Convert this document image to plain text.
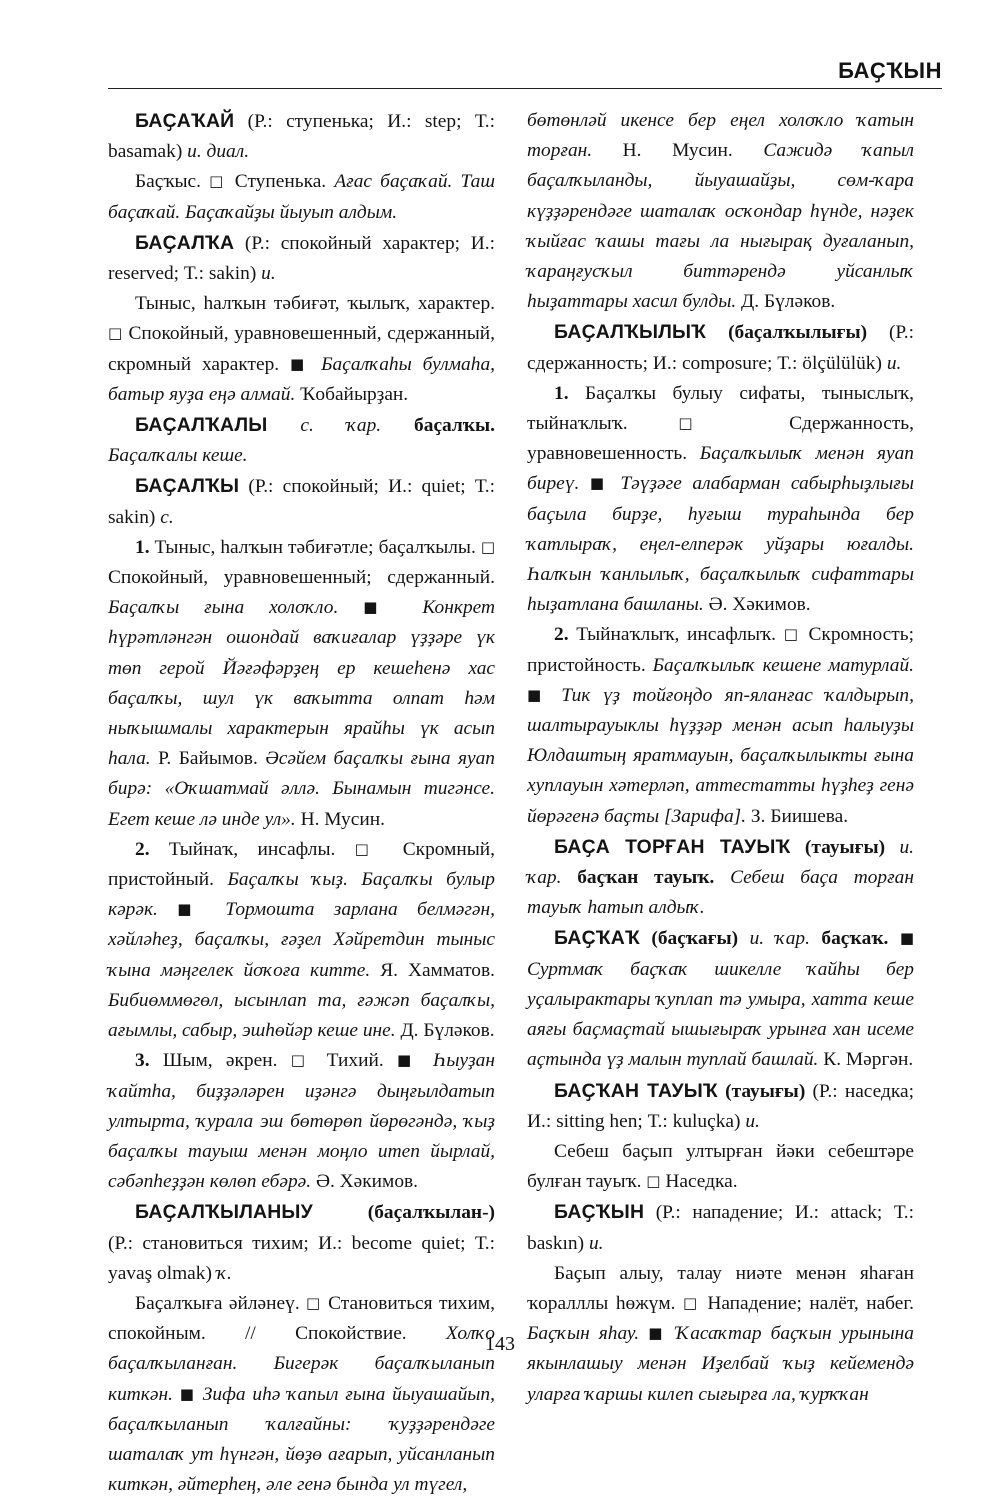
БАҪҠЫН

БАҪАҠАЙ (Р.: ступенька; И.: step; Т.: basamak) и. диал.

Баҫҡыс. □ Ступенька. Ағас баҫаҡай. Таш баҫаҡай. Баҫаҡайҙы йыуып алдым.

БАҪАЛҠА (Р.: спокойный характер; И.: reserved; Т.: sakin) и.

Тыныс, һалҡын тәбиғәт, ҡылыҡ, характер. □ Спокойный, уравновешенный, сдержанный, скромный характер. ■ Баҫалҡаһы булмаһа, батыр яуҙа еңә алмай. Ҡобайырҙан.

БАҪАЛҠАЛЫ с. ҡар. баҫалҡы. Баҫалҡалы кеше.

БАҪАЛҠЫ (Р.: спокойный; И.: quiet; Т.: sakin) с.

1. Тыныс, һалҡын тәбиғәтле; баҫалҡылы. □ Спокойный, уравновешенный; сдержанный. Баҫалҡы ғына холоҡло. ■ Конкрет һүрәтләнгән ошондай ваҡиғалар үҙҙәре үк төп герой Йәғәфәрҙең ер кешеһенә хас баҫалҡы, шул үк ваҡытта олпат һәм ныҡышмалы характерын ярайһы үк асып һала. Р. Байымов. Әсәйем баҫалҡы ғына яуап бирә: «Оҡшатмай әллә. Бынамын тигәнсе. Егет кеше лә инде ул». Н. Мусин.

2. Тыйнаҡ, инсафлы. □ Скромный, пристойный. Баҫалҡы ҡыҙ. Баҫалҡы булыр кәрәк. ■ Тормошта зарлана белмәгән, хәйләһеҙ, баҫалҡы, ғәҙел Хәйретдин тыныс ҡына мәңгелек йоҡоға китте. Я. Хамматов. Бибиөммөгөл, ысынлап та, ғәжәп баҫалҡы, ағымлы, сабыр, эшһөйәр кеше ине. Д. Бүләков.

3. Шым, әкрен. □ Тихий. ■ Һыуҙан ҡайтһа, биҙҙәләрен иҙәнгә дыңғылдатып ултырта, ҡурала эш бөтөрөп йөрөгәндә, ҡыҙ баҫалҡы тауыш менән моңло итеп йырлай, сәбәпһеҙҙән көлөп ебәрә. Ә. Хәкимов.

БАҪАЛҠЫЛАНЫУ	(баҫалҡылан-) (Р.: становиться тихим; И.: become quiet; Т.: yavaş olmak) ҡ.

Баҫалҡыға әйләнеү. □ Становиться тихим, спокойным. // Спокойствие. Холҡо баҫалҡыланған. Бигерәк баҫалҡыланып киткән. ■ Зифа иһә ҡапыл ғына йыуашайып, баҫалҡыланып ҡалғайны: ҡуҙҙәрендәге шаталаҡ ут һүнгән, йөҙө ағарып, уйсанланып киткән, әйтерһең, әле генә бында ул түгел,

бөтөнләй икенсе бер еңел холоҡло ҡатын торған. Н. Мусин. Сажидә ҡапыл баҫалҡыланды, йыуашайҙы, сөм-ҡара күҙҙәрендәге шаталаҡ осҡондар һүнде, нәҙек ҡыйғас ҡашы тағы ла нығырақ дуғаланып, ҡараңғусҡыл биттәрендә уйсанлыҡ һыҙаттары хасил булды. Д. Бүләков.

БАҪАЛҠЫЛЫҠ (баҫалҡылығы) (Р.: сдержанность; И.: composure; Т.: ölçülülük) и.

1. Баҫалҡы булыу сифаты, тыныслыҡ, тыйнаҡлыҡ. □ Сдержанность, уравновешенность. Баҫалҡылыҡ менән яуап биреү. ■ Тәүҙәге алабарман сабырһыҙлығы баҫыла бирҙе, һуғыш тураһында бер ҡатлыраҡ, еңел-елперәк уйҙары юғалды. Һалҡын ҡанлылыҡ, баҫалҡылыҡ сифаттары һыҙатлана башланы. Ә. Хәкимов.

2. Тыйнаҡлыҡ, инсафлыҡ. □ Скромность; пристойность. Баҫалҡылыҡ кешене матурлай. ■ Тик үҙ тойғоңдо яп-яланғас ҡалдырып, шалтырауыклы һүҙҙәр менән асып һалыуҙы Юлдаштың яратмауын, баҫалҡылыкты ғына хуплауын хәтерләп, аттестатты һүҙһеҙ генә йөрәгенә баҫты [Зарифа]. З. Биишева.

БАҪА ТОРҒАН ТАУЫҠ (тауығы) и. ҡар. баҫҡан тауыҡ. Себеш баҫа торған тауыҡ һатып алдыҡ.

БАҪҠАҠ (баҫҡағы) и. ҡар. баҫҡаҡ. ■ Суртмаҡ баҫҡаҡ шикелле ҡайһы бер уҫалырактары ҡуплап тә умыра, хатта кеше аяғы баҫмаҫтай ышығыраҡ урынға хан исеме аҫтында үҙ малын туплай башлай. К. Мәргән.

БАҪҠАН ТАУЫҠ (тауығы) (Р.: наседка; И.: sitting hen; Т.: kuluçka) и.

Себеш баҫып ултырған йәки себештәре булған тауыҡ. □ Наседка.

БАҪҠЫН (Р.: нападение; И.: attack; Т.: baskın) и.

Баҫып алыу, талау ниәте менән яһаған ҡоралллы һөжүм. □ Нападение; налёт, набег. Баҫҡын яһау. ■ Ҡасаҡтар баҫҡын урынына якынлашыу менән Иҙелбай ҡыҙ кейемендә уларға ҡаршы килеп сығырға ла, ҡурҡҡан

143
